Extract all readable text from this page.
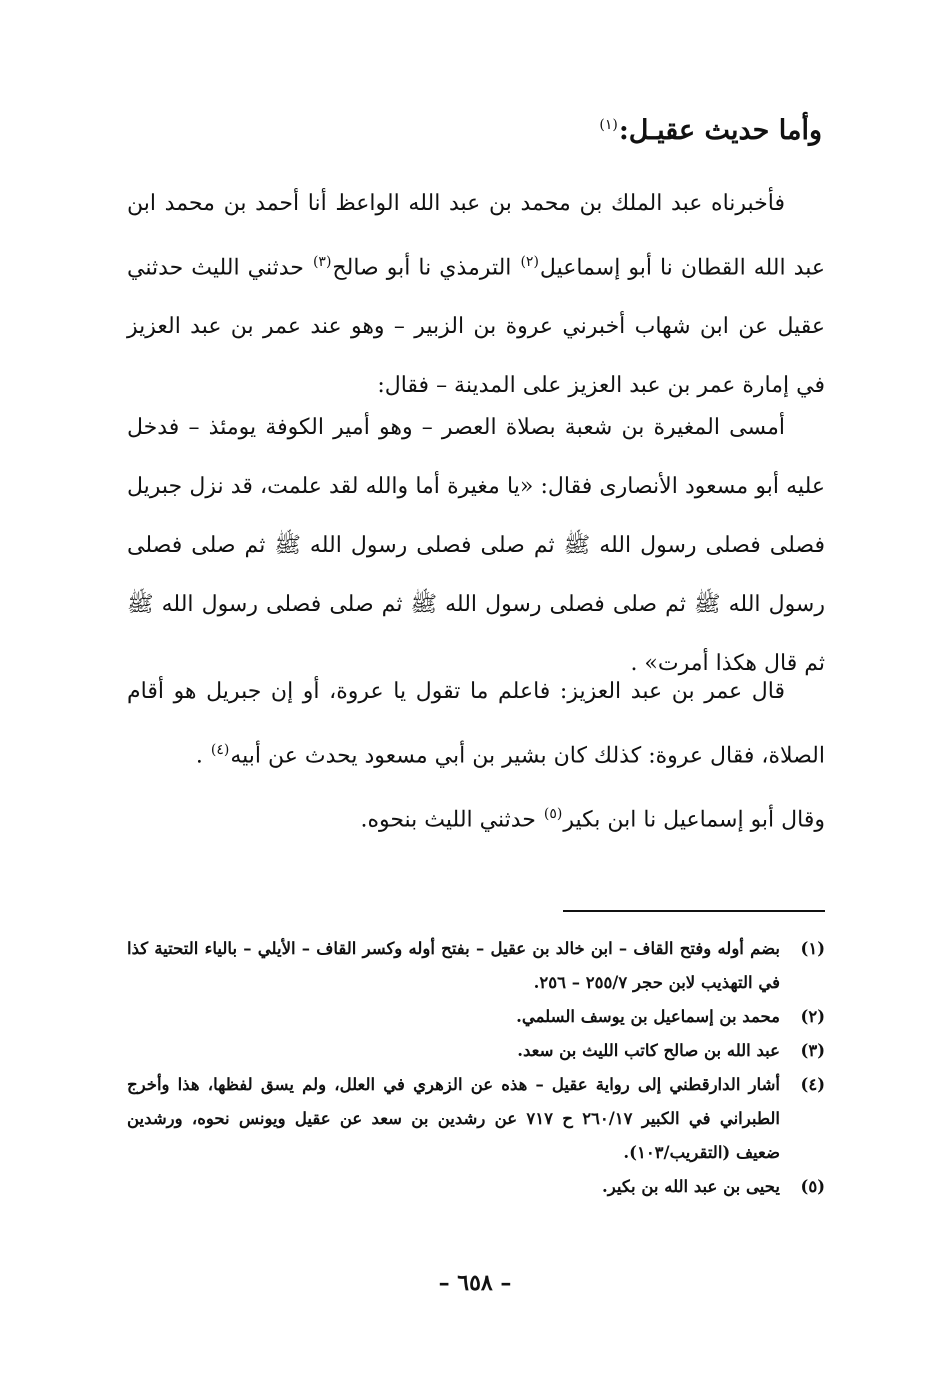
وأما حديث عقيـل:$^{(١)}$
فأخبرناه عبد الملك بن محمد بن عبد الله الواعظ أنا أحمد بن محمد ابن عبد الله القطان نا أبو إسماعيل$^{(٢)}$ الترمذي نا أبو صالح$^{(٣)}$ حدثني الليث حدثني عقيل عن ابن شهاب أخبرني عروة بن الزبير – وهو عند عمر بن عبد العزيز في إمارة عمر بن عبد العزيز على المدينة – فقال:
أمسى المغيرة بن شعبة بصلاة العصر – وهو أمير الكوفة يومئذ – فدخل عليه أبو مسعود الأنصارى فقال: «يا مغيرة أما والله لقد علمت، قد نزل جبريل فصلى فصلى رسول الله ﷺ ثم صلى فصلى رسول الله ﷺ ثم صلى فصلى رسول الله ﷺ ثم صلى فصلى رسول الله ﷺ ثم صلى فصلى رسول الله ﷺ ثم قال هكذا أمرت» .
قال عمر بن عبد العزيز: فاعلم ما تقول يا عروة، أو إن جبريل هو أقام الصلاة، فقال عروة: كذلك كان بشير بن أبي مسعود يحدث عن أبيه$^{(٤)}$ .
وقال أبو إسماعيل نا ابن بكير$^{(٥)}$ حدثني الليث بنحوه.
(١)
بضم أوله وفتح القاف – ابن خالد بن عقيل – بفتح أوله وكسر القاف – الأيلي – بالياء التحتية كذا في التهذيب لابن حجر ٢٥٥/٧ – ٢٥٦.
(٢)
محمد بن إسماعيل بن يوسف السلمي.
(٣)
عبد الله بن صالح كاتب الليث بن سعد.
(٤)
أشار الدارقطني إلى رواية عقيل – هذه عن الزهري في العلل، ولم يسق لفظها، هذا وأخرج الطبراني في الكبير ٢٦٠/١٧ ح ٧١٧ عن رشدين بن سعد عن عقيل ويونس نحوه، ورشدين ضعيف (التقريب/١٠٣).
(٥)
يحيى بن عبد الله بن بكير.
– ٦٥٨ –
